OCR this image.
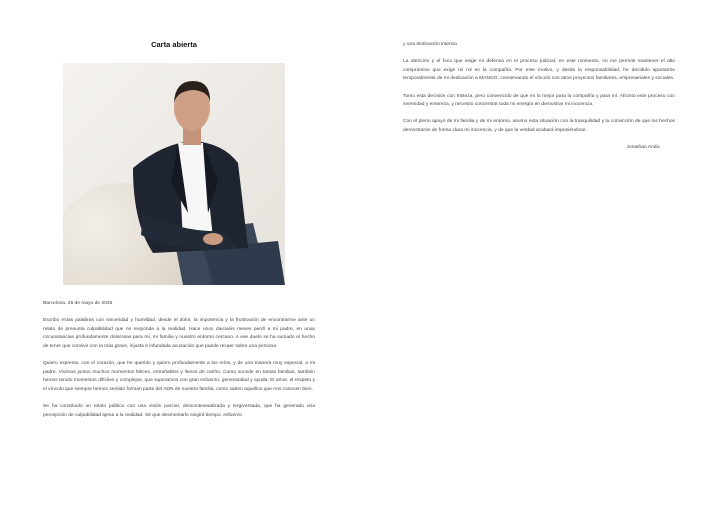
Carta abierta

Barcelona, 26 de mayo de 2026

Escribo estas palabras con sinceridad y humildad, desde el dolor, la impotencia y la frustración de encontrarme ante un relato de presunta culpabilidad que no responde a la realidad. Hace unos dieciséis meses perdí a mi padre, en unas circunstancias profundamente dolorosas para mí, mi familia y nuestro entorno cercano. A ese duelo se ha sumado el hecho de tener que convivir con la más grave, injusta e infundada acusación que puede recaer sobre una persona.

Quiero expresar, con el corazón, que he querido y quiero profundamente a los míos, y de una manera muy especial, a mi padre. Vivimos juntos muchos momentos felices, entrañables y llenos de cariño. Como sucede en tantas familias, también hemos tenido momentos difíciles y complejos, que superamos con gran esfuerzo, generosidad y ayuda. El amor, el respeto y el vínculo que siempre hemos sentido forman parte del ADN de nuestra familia, como saben aquellos que nos conocen bien.

Se ha construido un relato público con una visión parcial, descontextualizada y tergiversada, que ha generado una percepción de culpabilidad ajena a la realidad. Sé que desmontarlo exigirá tiempo, esfuerzo

y una dedicación intensa.

La atención y el foco que exige mi defensa en el proceso judicial, en este momento, no me permite mantener el alto compromiso que exige mi rol en la compañía. Por este motivo, y desde la responsabilidad, he decidido apartarme temporalmente de mi dedicación a MANGO, conservando el vínculo con otros proyectos familiares, empresariales y sociales.

Tomo esta decisión con tristeza, pero convencido de que es lo mejor para la compañía y para mí. Afronto este proceso con serenidad y entereza, y necesito concentrar toda mi energía en demostrar mi inocencia.

Con el pleno apoyo de mi familia y de mi entorno, asumo esta situación con la tranquilidad y la convicción de que los hechos demostrarán de forma clara mi inocencia, y de que la verdad acabará imponiéndose.

Jonathan Andic
